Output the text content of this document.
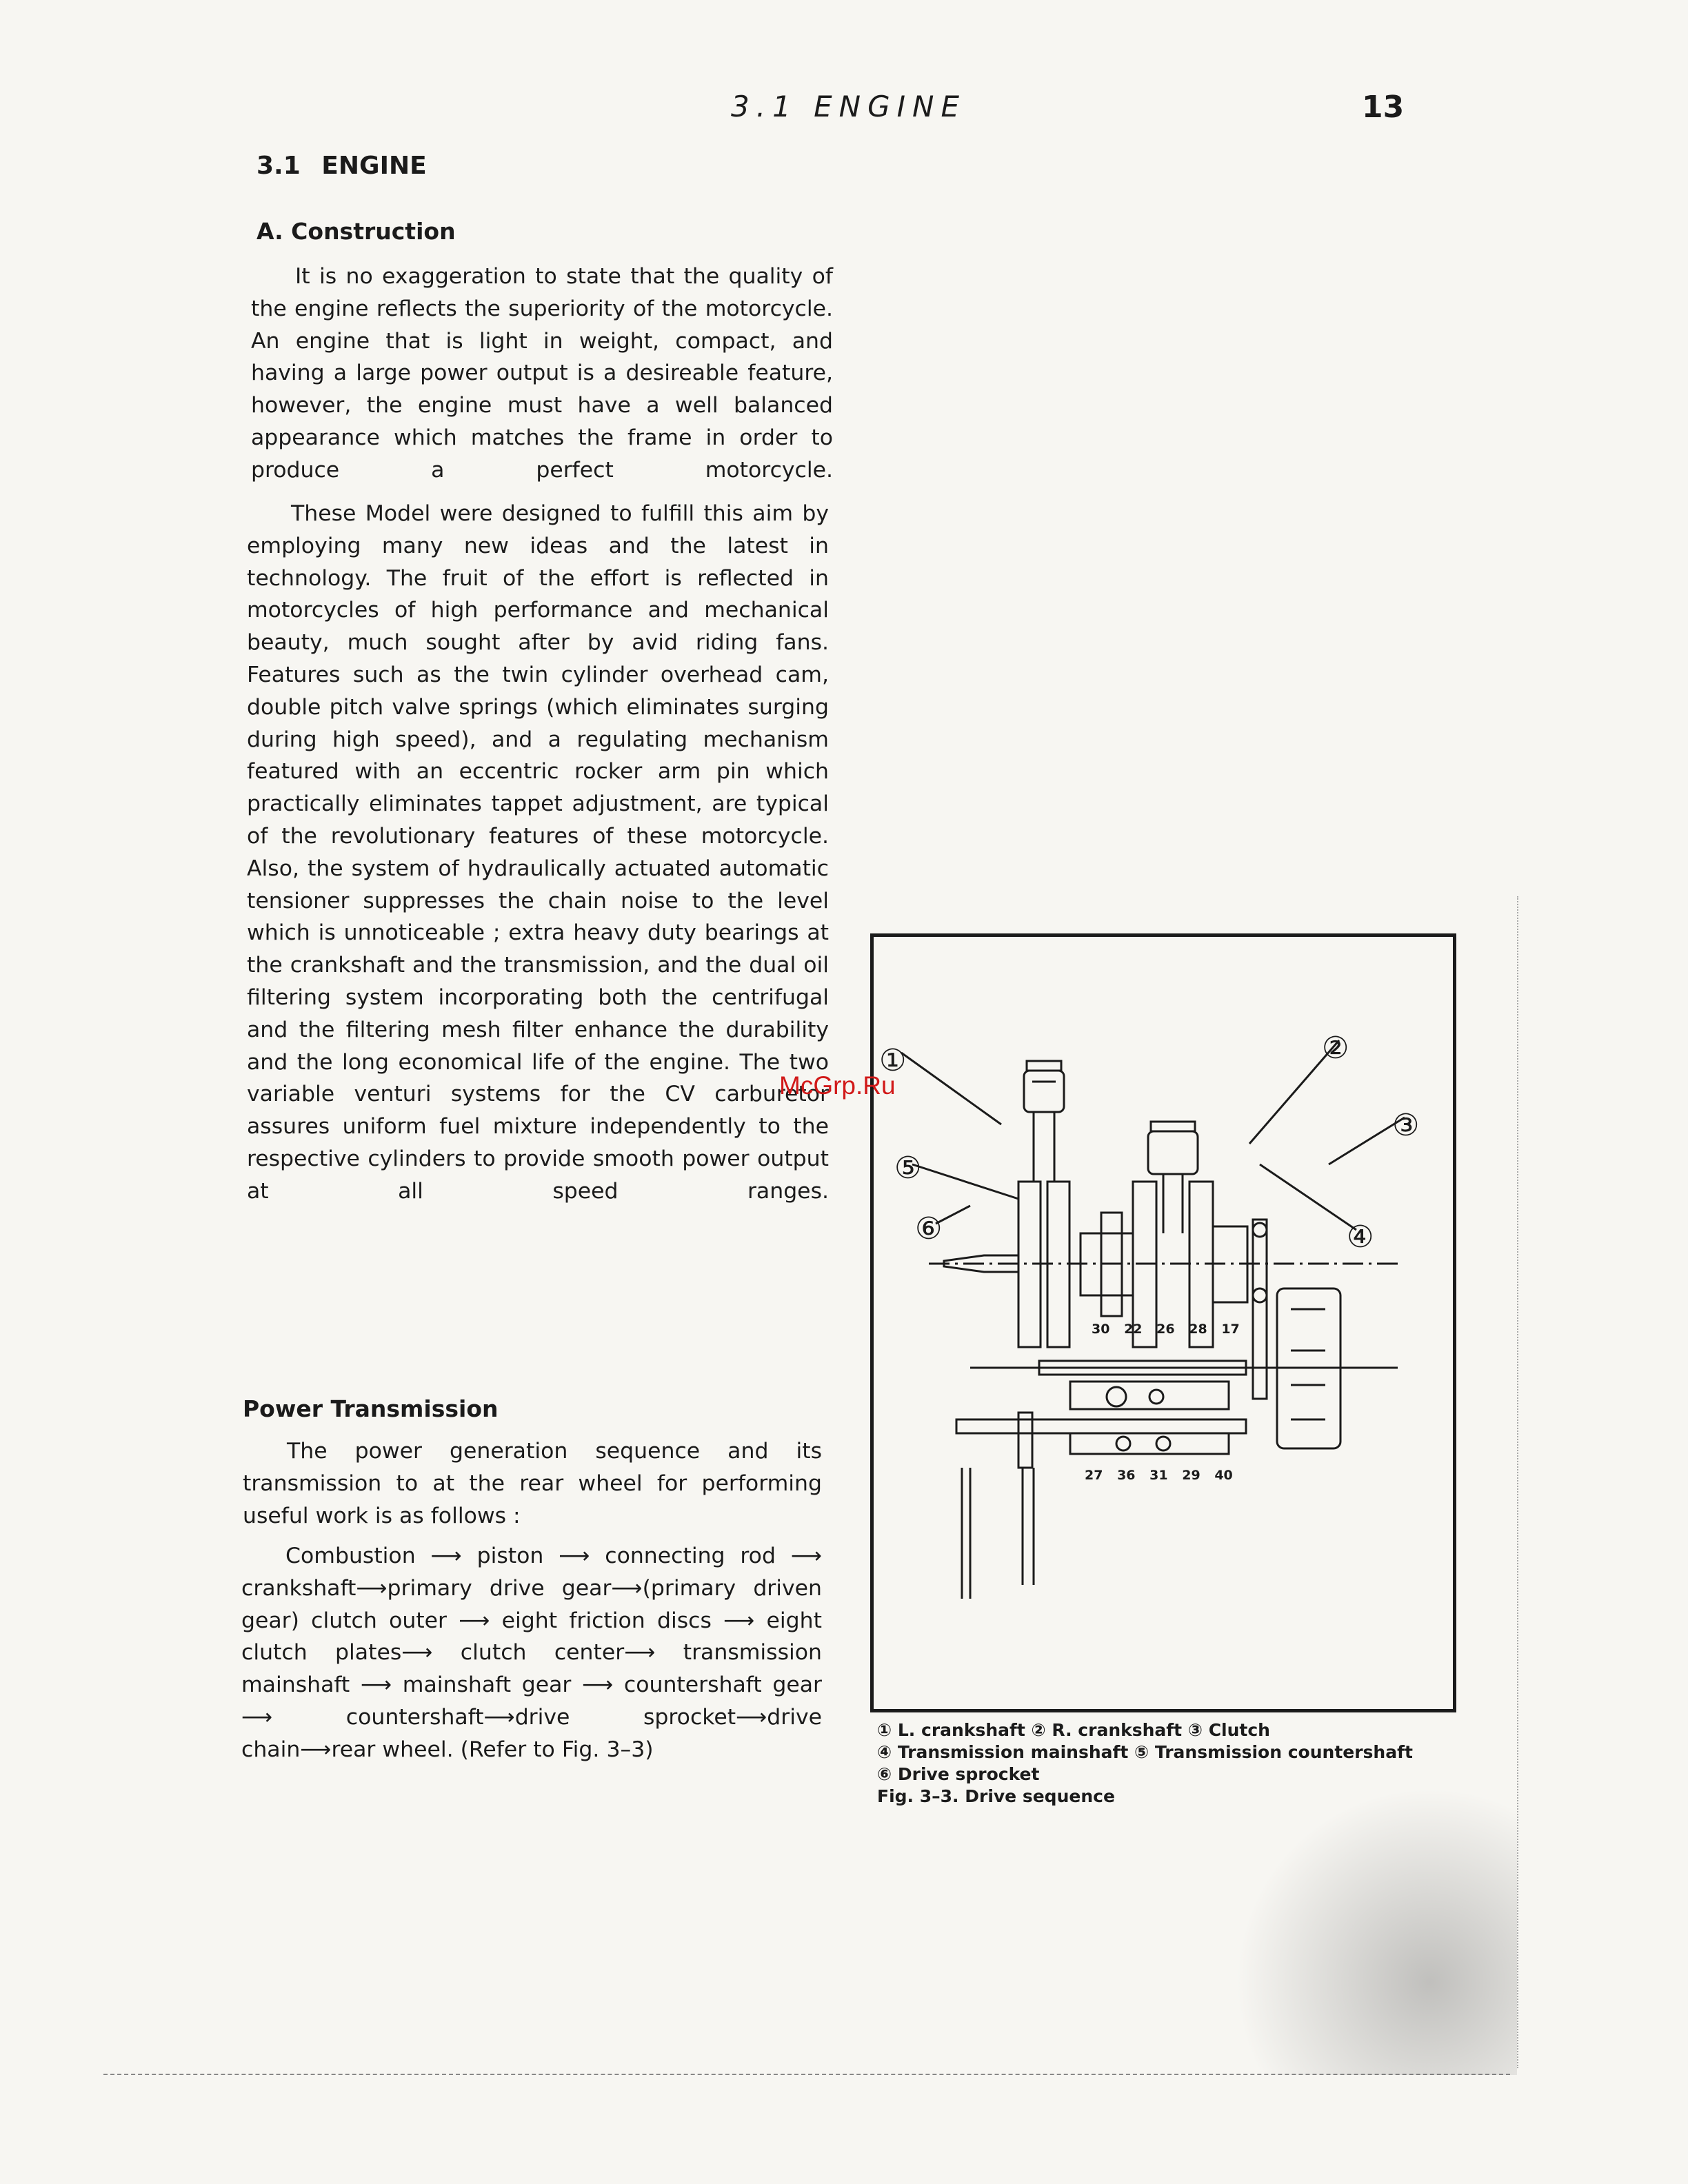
3.1 ENGINE	13
3.1 ENGINE
A. Construction

It is no exaggeration to state that the quality of the engine reflects the superiority of the motorcycle. An engine that is light in weight, compact, and having a large power output is a desireable feature, however, the engine must have a well balanced appearance which matches the frame in order to produce a perfect motorcycle.

These Model were designed to fulfill this aim by employing many new ideas and the latest in technology. The fruit of the effort is reflected in motorcycles of high performance and mechanical beauty, much sought after by avid riding fans. Features such as the twin cylinder overhead cam, double pitch valve springs (which eliminates surging during high speed), and a regulating mechanism featured with an eccentric rocker arm pin which practically eliminates tappet adjustment, are typical of the revolutionary features of these motorcycle. Also, the system of hydraulically actuated automatic tensioner suppresses the chain noise to the level which is unnoticeable ; extra heavy duty bearings at the crankshaft and the transmission, and the dual oil filtering system incorporating both the centrifugal and the filtering mesh filter enhance the durability and the long economical life of the engine. The two variable venturi systems for the CV carburetor assures uniform fuel mixture independently to the respective cylinders to provide smooth power output at all speed ranges.

Power Transmission

The power generation sequence and its transmission to at the rear wheel for performing useful work is as follows :

Combustion ⟶ piston ⟶ connecting rod ⟶ crankshaft⟶primary drive gear⟶(primary driven gear) clutch outer ⟶ eight friction discs ⟶ eight clutch plates⟶ clutch center⟶ transmission mainshaft ⟶ mainshaft gear ⟶ countershaft gear ⟶ countershaft⟶drive sprocket⟶drive chain⟶rear wheel. (Refer to Fig. 3–3)

①	②
③
④
⑤
⑥
30 22 26 28 17
27 36 31 29 40
McGrp.Ru
① L. crankshaft ② R. crankshaft ③ Clutch
④ Transmission mainshaft ⑤ Transmission countershaft
⑥ Drive sprocket
Fig. 3–3. Drive sequence
